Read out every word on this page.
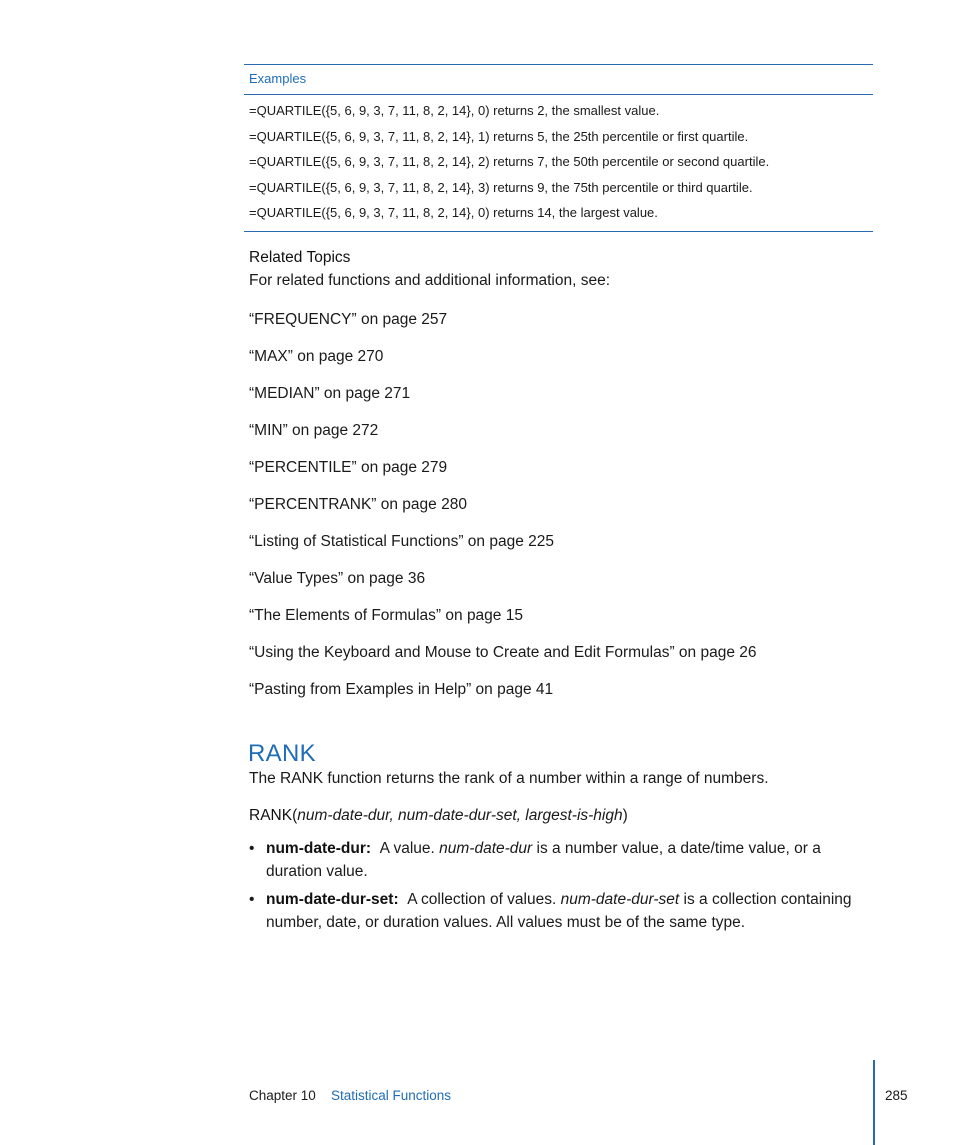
Examples
=QUARTILE({5, 6, 9, 3, 7, 11, 8, 2, 14}, 0) returns 2, the smallest value.
=QUARTILE({5, 6, 9, 3, 7, 11, 8, 2, 14}, 1) returns 5, the 25th percentile or first quartile.
=QUARTILE({5, 6, 9, 3, 7, 11, 8, 2, 14}, 2) returns 7, the 50th percentile or second quartile.
=QUARTILE({5, 6, 9, 3, 7, 11, 8, 2, 14}, 3) returns 9, the 75th percentile or third quartile.
=QUARTILE({5, 6, 9, 3, 7, 11, 8, 2, 14}, 0) returns 14, the largest value.
Related Topics
For related functions and additional information, see:
“FREQUENCY” on page 257
“MAX” on page 270
“MEDIAN” on page 271
“MIN” on page 272
“PERCENTILE” on page 279
“PERCENTRANK” on page 280
“Listing of Statistical Functions” on page 225
“Value Types” on page 36
“The Elements of Formulas” on page 15
“Using the Keyboard and Mouse to Create and Edit Formulas” on page 26
“Pasting from Examples in Help” on page 41
RANK
The RANK function returns the rank of a number within a range of numbers.
RANK(num-date-dur, num-date-dur-set, largest-is-high)
• num-date-dur: A value. num-date-dur is a number value, a date/time value, or a duration value.
• num-date-dur-set: A collection of values. num-date-dur-set is a collection containing number, date, or duration values. All values must be of the same type.
Chapter 10 Statistical Functions	285
